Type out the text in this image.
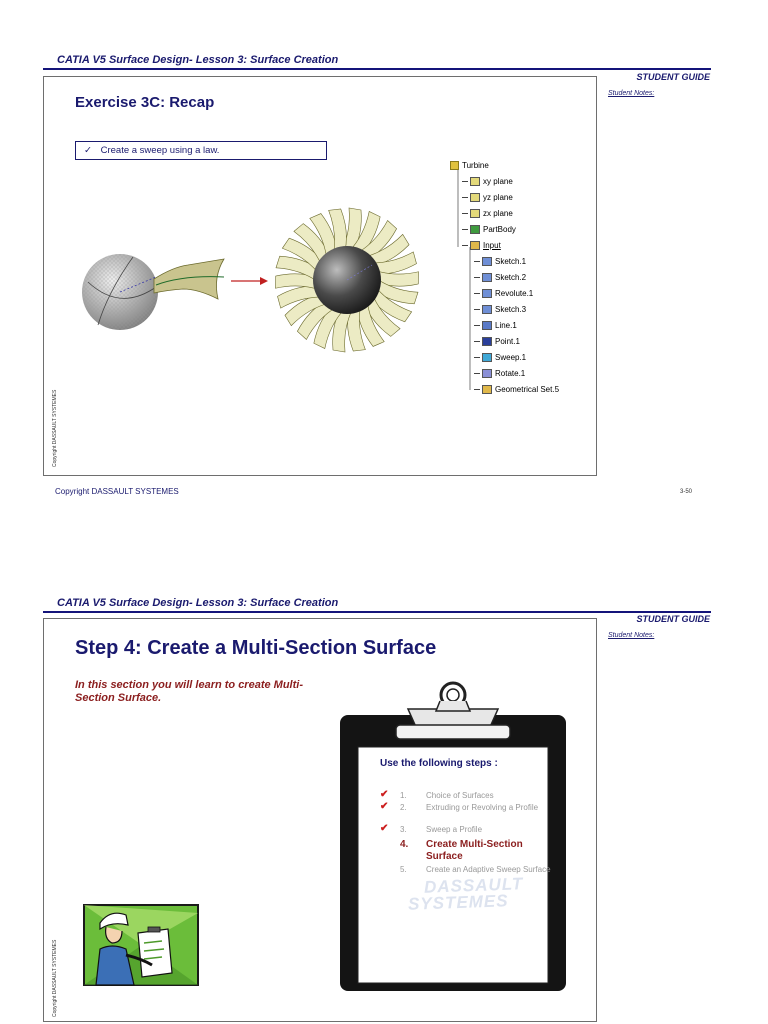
CATIA V5 Surface Design- Lesson 3: Surface Creation
STUDENT GUIDE
Student Notes:
Exercise 3C: Recap
✓ Create a sweep using a law.
Turbine
xy plane
yz plane
zx plane
PartBody
Input
Sketch.1
Sketch.2
Revolute.1
Sketch.3
Line.1
Point.1
Sweep.1
Rotate.1
Geometrical Set.5
Copyright DASSAULT SYSTEMES
Copyright DASSAULT SYSTEMES	3-50
CATIA V5 Surface Design- Lesson 3: Surface Creation
STUDENT GUIDE
Student Notes:
Step 4: Create a Multi-Section Surface
In this section you will learn to create Multi-Section Surface.
Use the following steps :
DASSAULT
SYSTEMES
✔ 1.	Choice of Surfaces
✔ 2.	Extruding or Revolving a Profile
✔ 3.	Sweep a Profile
4.	Create Multi-Section Surface
5.	Create an Adaptive Sweep Surface
Copyright DASSAULT SYSTEMES
